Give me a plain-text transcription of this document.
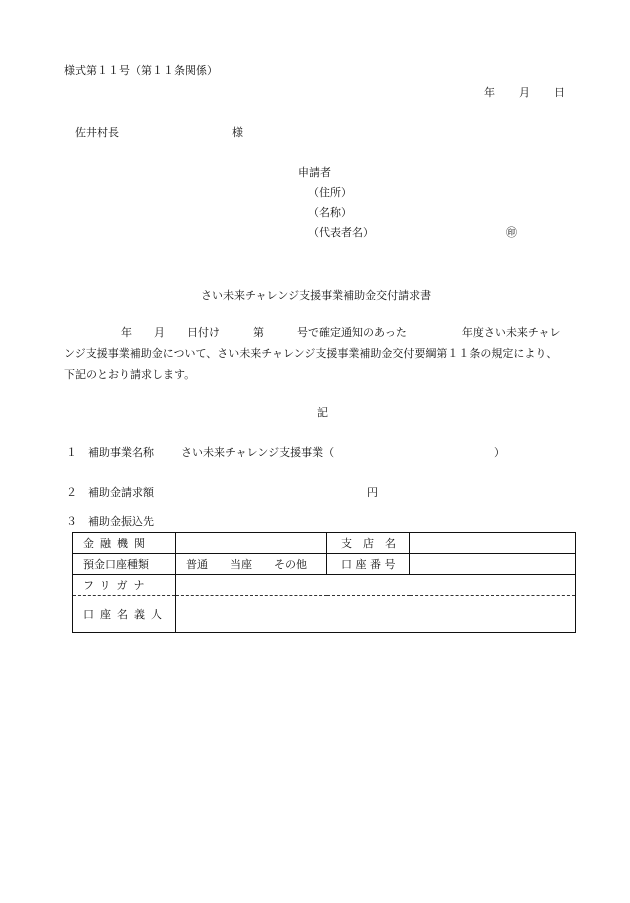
様式第１１号（第１１条関係）
年 月 日
佐井村長	様
申請者
（住所）
（名称）
（代表者名）	㊞
さい未来チャレンジ支援事業補助金交付請求書
年　　月　　日付け　　　第　　　号で確定通知のあった　　　　　年度さい未来チャレ
ンジ支援事業補助金について、さい未来チャレンジ支援事業補助金交付要綱第１１条の規定により、
下記のとおり請求します。
記
１ 補助事業名称 さい未来チャレンジ支援事業（	）
２ 補助金請求額	円
３ 補助金振込先
金融機関		支　店　名	
預金口座種類	普通　　当座　　その他	口 座 番 号	
フリガナ			
口座名義人			
